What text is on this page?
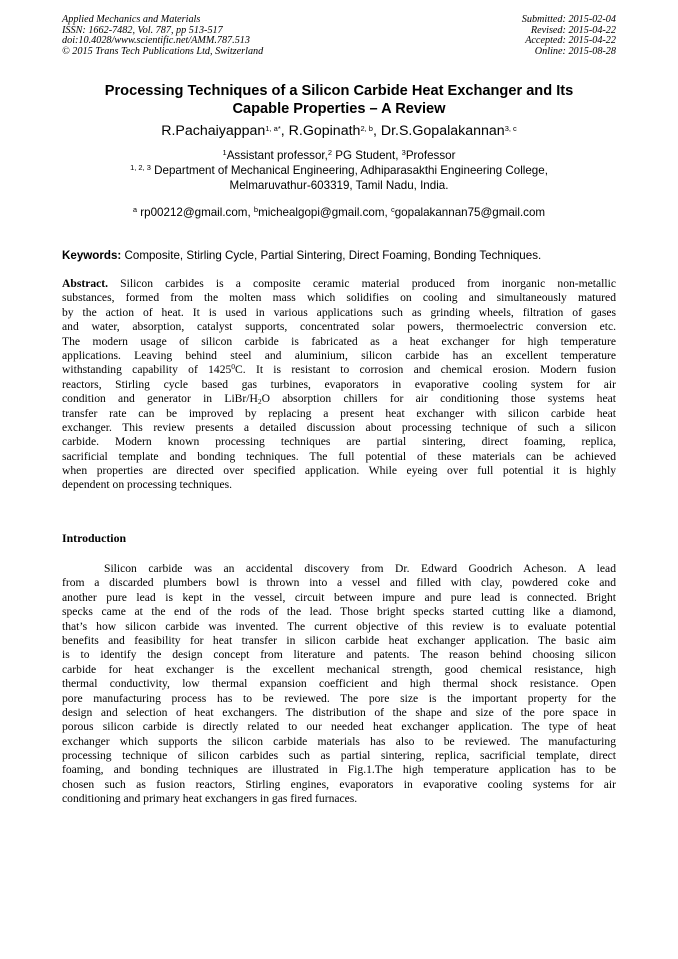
Applied Mechanics and Materials
ISSN: 1662-7482, Vol. 787, pp 513-517
doi:10.4028/www.scientific.net/AMM.787.513
© 2015 Trans Tech Publications Ltd, Switzerland
Submitted: 2015-02-04
Revised: 2015-04-22
Accepted: 2015-04-22
Online: 2015-08-28
Processing Techniques of a Silicon Carbide Heat Exchanger and Its
Capable Properties – A Review
R.Pachaiyappan$^{1, a*}$, R.Gopinath$^{2, b}$, Dr.S.Gopalakannan$^{3, c}$
$^1$Assistant professor,$^2$ PG Student, $^3$Professor
$^{1, 2, 3}$ Department of Mechanical Engineering, Adhiparasakthi Engineering College,
Melmaruvathur-603319, Tamil Nadu, India.
$^a$ rp00212@gmail.com, $^b$michealgopi@gmail.com, $^c$gopalakannan75@gmail.com
Keywords: Composite, Stirling Cycle, Partial Sintering, Direct Foaming, Bonding Techniques.
Abstract. Silicon carbides is a composite ceramic material produced from inorganic non-metallic
substances, formed from the molten mass which solidifies on cooling and simultaneously matured
by the action of heat. It is used in various applications such as grinding wheels, filtration of gases
and water, absorption, catalyst supports, concentrated solar powers, thermoelectric conversion etc.
The modern usage of silicon carbide is fabricated as a heat exchanger for high temperature
applications. Leaving behind steel and aluminium, silicon carbide has an excellent temperature
withstanding capability of 1425$^0$C. It is resistant to corrosion and chemical erosion. Modern fusion
reactors, Stirling cycle based gas turbines, evaporators in evaporative cooling system for air
condition and generator in LiBr/$H_2O$ absorption chillers for air conditioning those systems heat
transfer rate can be improved by replacing a present heat exchanger with silicon carbide heat
exchanger. This review presents a detailed discussion about processing technique of such a silicon
carbide. Modern known processing techniques are partial sintering, direct foaming, replica,
sacrificial template and bonding techniques. The full potential of these materials can be achieved
when properties are directed over specified application. While eyeing over full potential it is highly
dependent on processing techniques.
Introduction
Silicon carbide was an accidental discovery from Dr. Edward Goodrich Acheson. A lead
from a discarded plumbers bowl is thrown into a vessel and filled with clay, powdered coke and
another pure lead is kept in the vessel, circuit between impure and pure lead is connected. Bright
specks came at the end of the rods of the lead. Those bright specks started cutting like a diamond,
that’s how silicon carbide was invented. The current objective of this review is to evaluate potential
benefits and feasibility for heat transfer in silicon carbide heat exchanger application. The basic aim
is to identify the design concept from literature and patents. The reason behind choosing silicon
carbide for heat exchanger is the excellent mechanical strength, good chemical resistance, high
thermal conductivity, low thermal expansion coefficient and high thermal shock resistance. Open
pore manufacturing process has to be reviewed. The pore size is the important property for the
design and selection of heat exchangers. The distribution of the shape and size of the pore space in
porous silicon carbide is directly related to our needed heat exchanger application. The type of heat
exchanger which supports the silicon carbide materials has also to be reviewed. The manufacturing
processing technique of silicon carbides such as partial sintering, replica, sacrificial template, direct
foaming, and bonding techniques are illustrated in Fig.1.The high temperature application has to be
chosen such as fusion reactors, Stirling engines, evaporators in evaporative cooling systems for air
conditioning and primary heat exchangers in gas fired furnaces.
